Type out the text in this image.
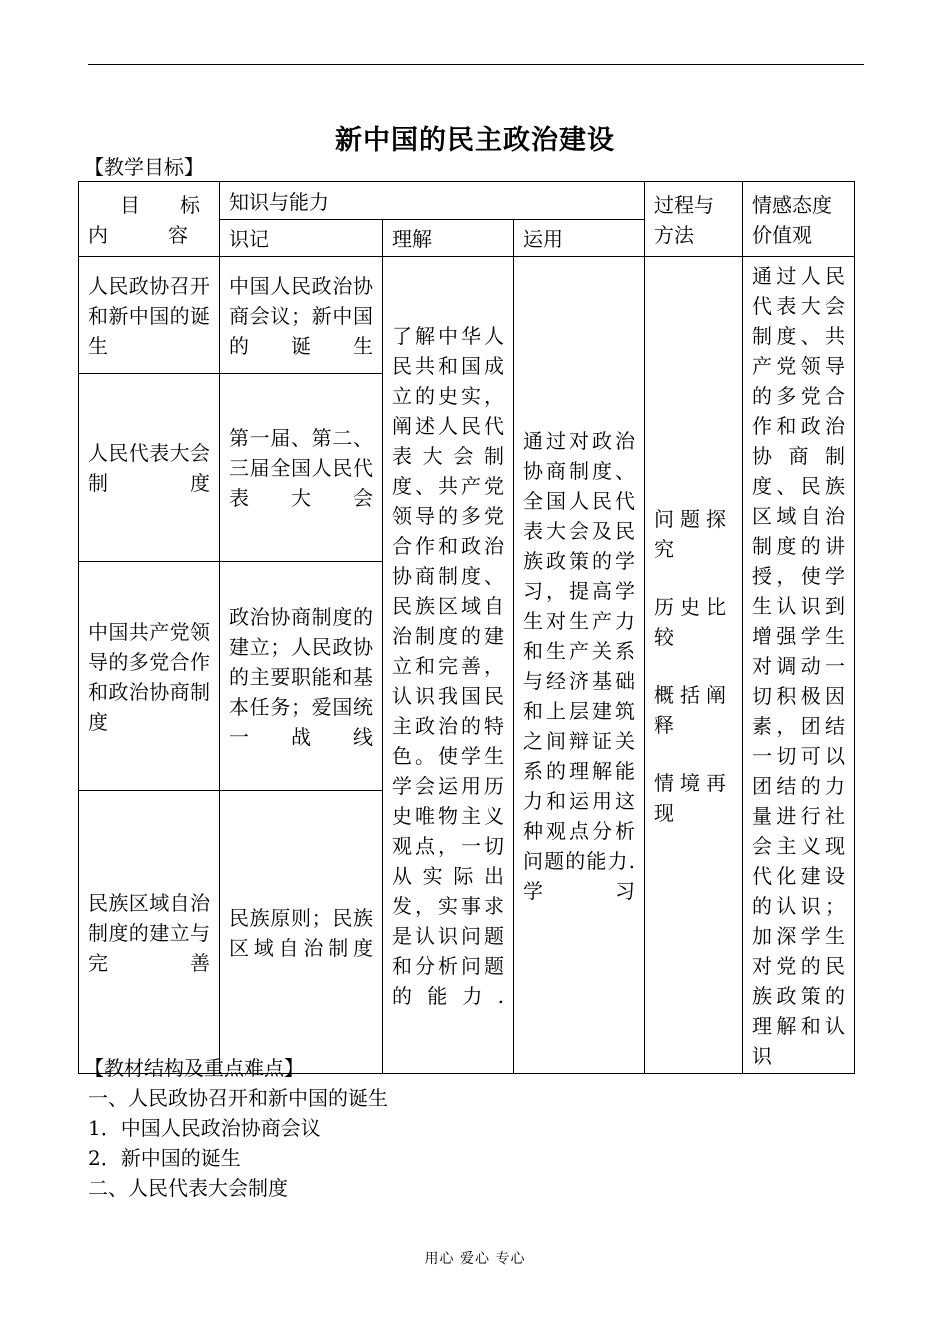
新中国的民主政治建设
【教学目标】
目　标
内　容	知识与能力			过程与方法	情感态度价值观
	识记	理解	运用		
人民政协召开和新中国的诞生	中国人民政治协商会议；新中国的诞生	了解中华人民共和国成立的史实，阐述人民代表大会制度、共产党领导的多党合作和政治协商制度、民族区域自治制度的建立和完善，认识我国民主政治的特色。使学生学会运用历史唯物主义观点，一切从实际出发，实事求是认识问题和分析问题的能力.	通过对政治协商制度、全国人民代表大会及民族政策的学习，提高学生对生产力和生产关系与经济基础和上层建筑之间辩证关系的理解能力和运用这种观点分析问题的能力.学习	问题探究
历史比较
概括阐释
情境再现	通过人民代表大会制度、共产党领导的多党合作和政治协商制度、民族区域自治制度的讲授，使学生认识到增强学生对调动一切积极因素，团结一切可以团结的力量进行社会主义现代化建设的认识；加深学生对党的民族政策的理解和认识
人民代表大会制度	第一届、第二、三届全国人民代表大会				
中国共产党领导的多党合作和政治协商制度	政治协商制度的建立；人民政协的主要职能和基本任务；爱国统一战线				
民族区域自治制度的建立与完善	民族原则；民族区域自治制度				
【教材结构及重点难点】
一、人民政协召开和新中国的诞生
1．中国人民政治协商会议
2．新中国的诞生
二、人民代表大会制度
用心 爱心 专心
